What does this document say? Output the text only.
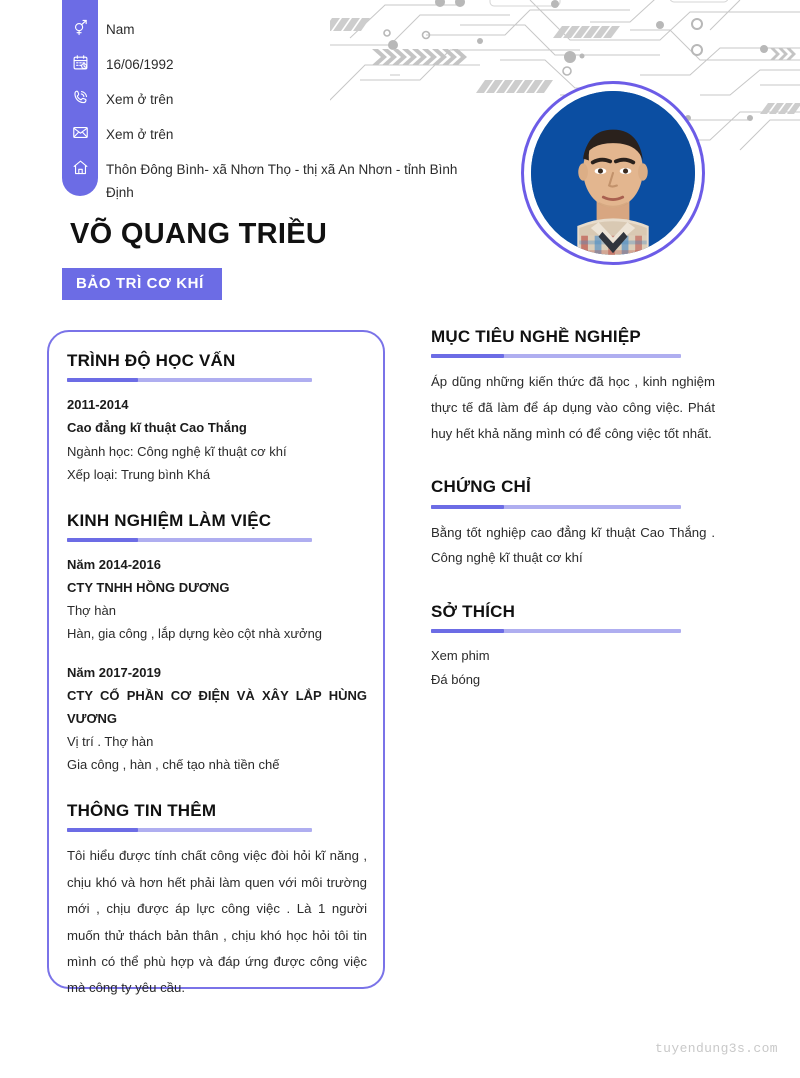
Nam
16/06/1992
Xem ở trên
Xem ở trên
Thôn Đông Bình- xã Nhơn Thọ - thị xã An Nhơn - tỉnh Bình Định
VÕ QUANG TRIỀU
BẢO TRÌ CƠ KHÍ
TRÌNH ĐỘ HỌC VẤN
2011-2014
Cao đẳng kĩ thuật Cao Thắng
Ngành học: Công nghệ kĩ thuật cơ khí
Xếp loại: Trung bình Khá
KINH NGHIỆM LÀM VIỆC
Năm 2014-2016
CTY TNHH HỒNG DƯƠNG
Thợ hàn
Hàn, gia công , lắp dựng kèo cột nhà xưởng
Năm 2017-2019
CTY CỔ PHẦN CƠ ĐIỆN VÀ XÂY LẮP HÙNG VƯƠNG
Vị trí . Thợ hàn
Gia công , hàn , chế tạo nhà tiền chế
THÔNG TIN THÊM
Tôi hiểu được tính chất công việc đòi hỏi kĩ năng , chịu khó và hơn hết phải làm quen với môi trường mới , chịu được áp lực công việc . Là 1 người muốn thử thách bản thân , chịu khó học hỏi tôi tin mình có thể phù hợp và đáp ứng được công việc mà công ty yêu cầu.
MỤC TIÊU NGHỀ NGHIỆP
Áp dũng những kiến thức đã học , kinh nghiệm thực tế đã làm để áp dụng vào công việc. Phát huy hết khả năng mình có để công việc tốt nhất.
CHỨNG CHỈ
Bằng tốt nghiệp cao đẳng kĩ thuật Cao Thắng . Công nghệ kĩ thuật cơ khí
SỞ THÍCH
Xem phim
Đá bóng
tuyendung3s.com
